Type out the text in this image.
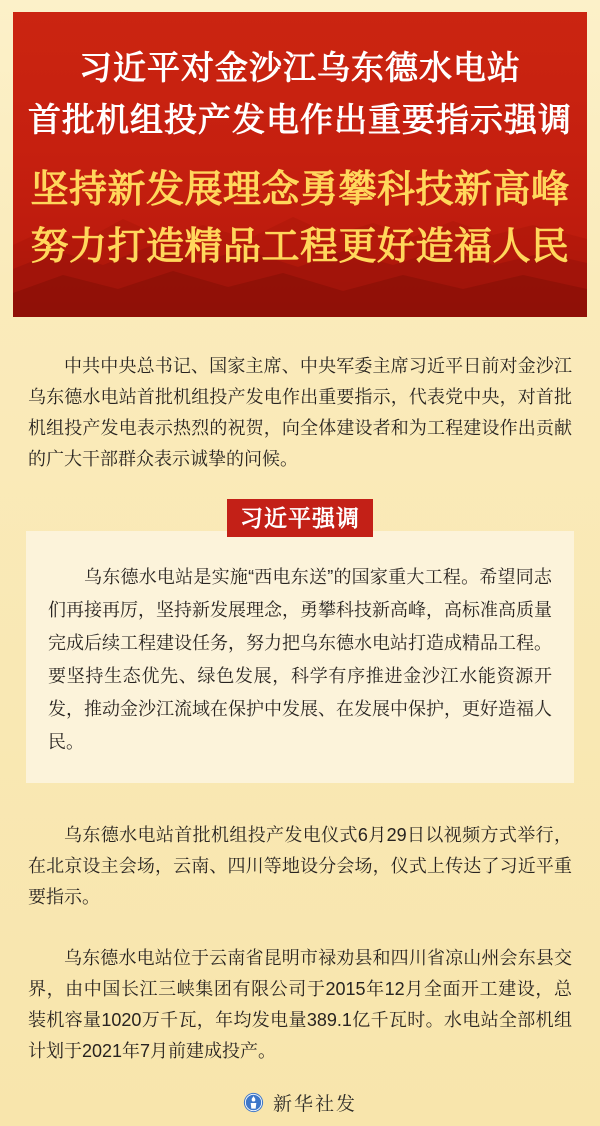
习近平对金沙江乌东德水电站
首批机组投产发电作出重要指示强调
坚持新发展理念勇攀科技新高峰
努力打造精品工程更好造福人民

中共中央总书记、国家主席、中央军委主席习近平日前对金沙江乌东德水电站首批机组投产发电作出重要指示，代表党中央，对首批机组投产发电表示热烈的祝贺，向全体建设者和为工程建设作出贡献的广大干部群众表示诚挚的问候。

习近平强调

乌东德水电站是实施“西电东送”的国家重大工程。希望同志们再接再厉，坚持新发展理念，勇攀科技新高峰，高标准高质量完成后续工程建设任务，努力把乌东德水电站打造成精品工程。要坚持生态优先、绿色发展，科学有序推进金沙江水能资源开发，推动金沙江流域在保护中发展、在发展中保护，更好造福人民。

乌东德水电站首批机组投产发电仪式6月29日以视频方式举行，在北京设主会场，云南、四川等地设分会场，仪式上传达了习近平重要指示。

乌东德水电站位于云南省昆明市禄劝县和四川省凉山州会东县交界，由中国长江三峡集团有限公司于2015年12月全面开工建设，总装机容量1020万千瓦，年均发电量389.1亿千瓦时。水电站全部机组计划于2021年7月前建成投产。

新华社发
